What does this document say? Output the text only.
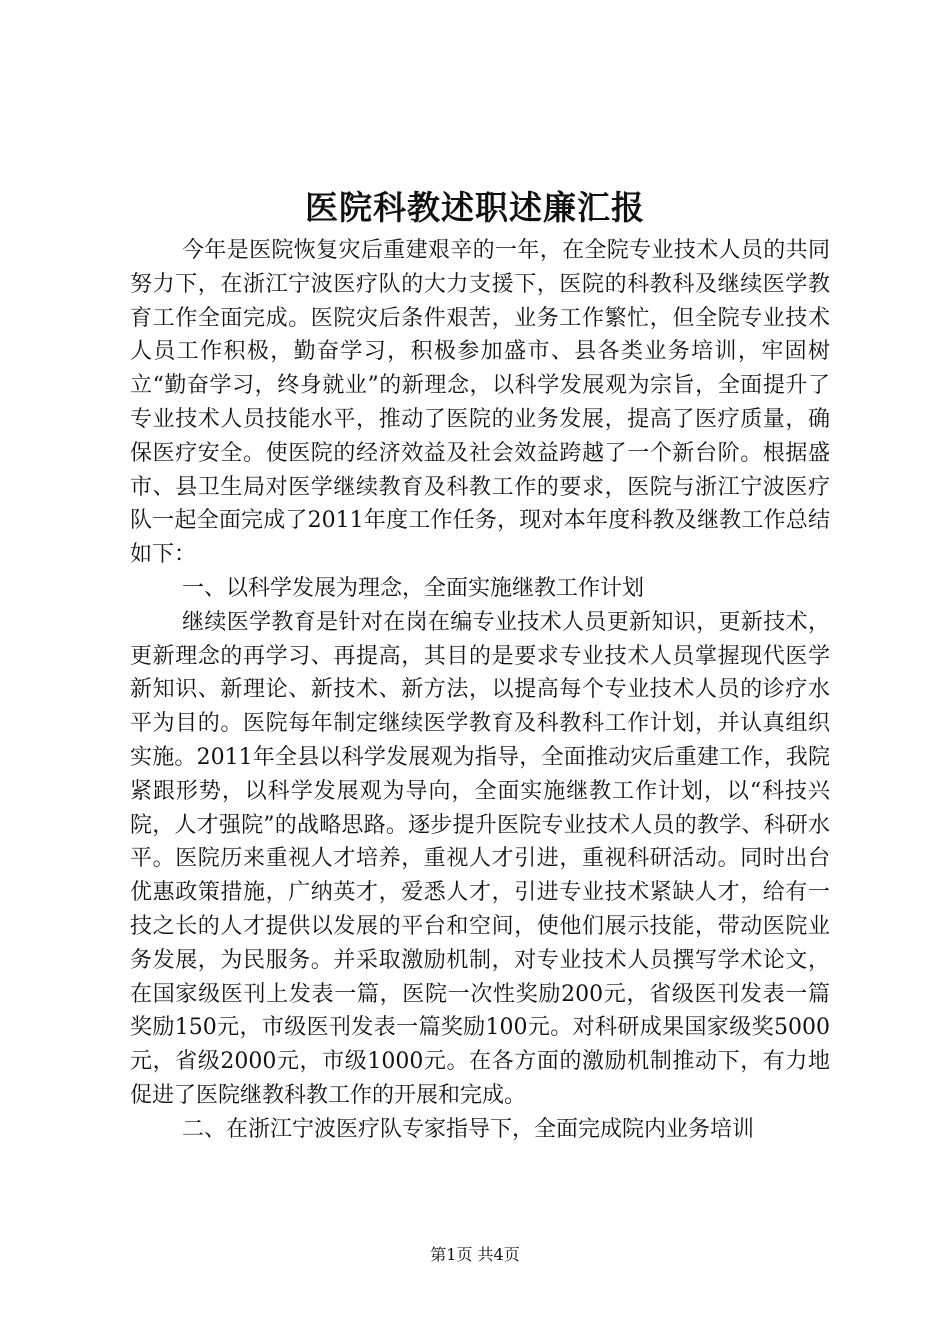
医院科教述职述廉汇报

今年是医院恢复灾后重建艰辛的一年，在全院专业技术人员的共同努力下，在浙江宁波医疗队的大力支援下，医院的科教科及继续医学教育工作全面完成。医院灾后条件艰苦，业务工作繁忙，但全院专业技术人员工作积极，勤奋学习，积极参加盛市、县各类业务培训，牢固树立“勤奋学习，终身就业”的新理念，以科学发展观为宗旨，全面提升了专业技术人员技能水平，推动了医院的业务发展，提高了医疗质量，确保医疗安全。使医院的经济效益及社会效益跨越了一个新台阶。根据盛市、县卫生局对医学继续教育及科教工作的要求，医院与浙江宁波医疗队一起全面完成了2011年度工作任务，现对本年度科教及继教工作总结如下：

一、以科学发展为理念，全面实施继教工作计划

继续医学教育是针对在岗在编专业技术人员更新知识，更新技术，更新理念的再学习、再提高，其目的是要求专业技术人员掌握现代医学新知识、新理论、新技术、新方法，以提高每个专业技术人员的诊疗水平为目的。医院每年制定继续医学教育及科教科工作计划，并认真组织实施。2011年全县以科学发展观为指导，全面推动灾后重建工作，我院紧跟形势，以科学发展观为导向，全面实施继教工作计划，以“科技兴院，人才强院”的战略思路。逐步提升医院专业技术人员的教学、科研水平。医院历来重视人才培养，重视人才引进，重视科研活动。同时出台优惠政策措施，广纳英才，爱悉人才，引进专业技术紧缺人才，给有一技之长的人才提供以发展的平台和空间，使他们展示技能，带动医院业务发展，为民服务。并采取激励机制，对专业技术人员撰写学术论文，在国家级医刊上发表一篇，医院一次性奖励200元，省级医刊发表一篇奖励150元，市级医刊发表一篇奖励100元。对科研成果国家级奖5000元，省级2000元，市级1000元。在各方面的激励机制推动下，有力地促进了医院继教科教工作的开展和完成。

二、在浙江宁波医疗队专家指导下，全面完成院内业务培训

第1页 共4页
